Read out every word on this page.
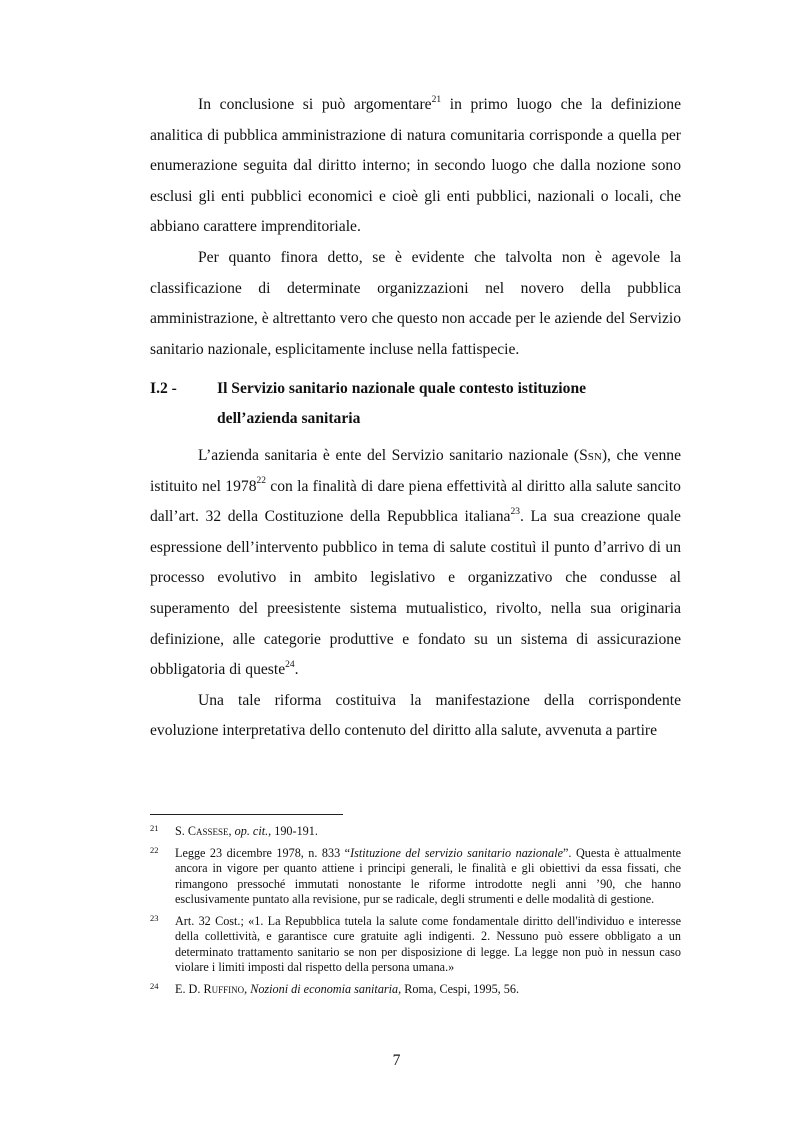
In conclusione si può argomentare$^{21}$ in primo luogo che la definizione analitica di pubblica amministrazione di natura comunitaria corrisponde a quella per enumerazione seguita dal diritto interno; in secondo luogo che dalla nozione sono esclusi gli enti pubblici economici e cioè gli enti pubblici, nazionali o locali, che abbiano carattere imprenditoriale.

Per quanto finora detto, se è evidente che talvolta non è agevole la classificazione di determinate organizzazioni nel novero della pubblica amministrazione, è altrettanto vero che questo non accade per le aziende del Servizio sanitario nazionale, esplicitamente incluse nella fattispecie.

I.2 -	Il Servizio sanitario nazionale quale contesto istituzione
dell’azienda sanitaria

L’azienda sanitaria è ente del Servizio sanitario nazionale (Ssn), che venne istituito nel 1978$^{22}$ con la finalità di dare piena effettività al diritto alla salute sancito dall’art. 32 della Costituzione della Repubblica italiana$^{23}$. La sua creazione quale espressione dell’intervento pubblico in tema di salute costituì il punto d’arrivo di un processo evolutivo in ambito legislativo e organizzativo che condusse al superamento del preesistente sistema mutualistico, rivolto, nella sua originaria definizione, alle categorie produttive e fondato su un sistema di assicurazione obbligatoria di queste$^{24}$.

Una tale riforma costituiva la manifestazione della corrispondente evoluzione interpretativa dello contenuto del diritto alla salute, avvenuta a partire

21 S. Cassese, op. cit., 190-191.
22 Legge 23 dicembre 1978, n. 833 “Istituzione del servizio sanitario nazionale”. Questa è attualmente ancora in vigore per quanto attiene i principi generali, le finalità e gli obiettivi da essa fissati, che rimangono pressoché immutati nonostante le riforme introdotte negli anni ’90, che hanno esclusivamente puntato alla revisione, pur se radicale, degli strumenti e delle modalità di gestione.
23 Art. 32 Cost.; «1. La Repubblica tutela la salute come fondamentale diritto dell'individuo e interesse della collettività, e garantisce cure gratuite agli indigenti. 2. Nessuno può essere obbligato a un determinato trattamento sanitario se non per disposizione di legge. La legge non può in nessun caso violare i limiti imposti dal rispetto della persona umana.»
24 E. D. Ruffino, Nozioni di economia sanitaria, Roma, Cespi, 1995, 56.
7
